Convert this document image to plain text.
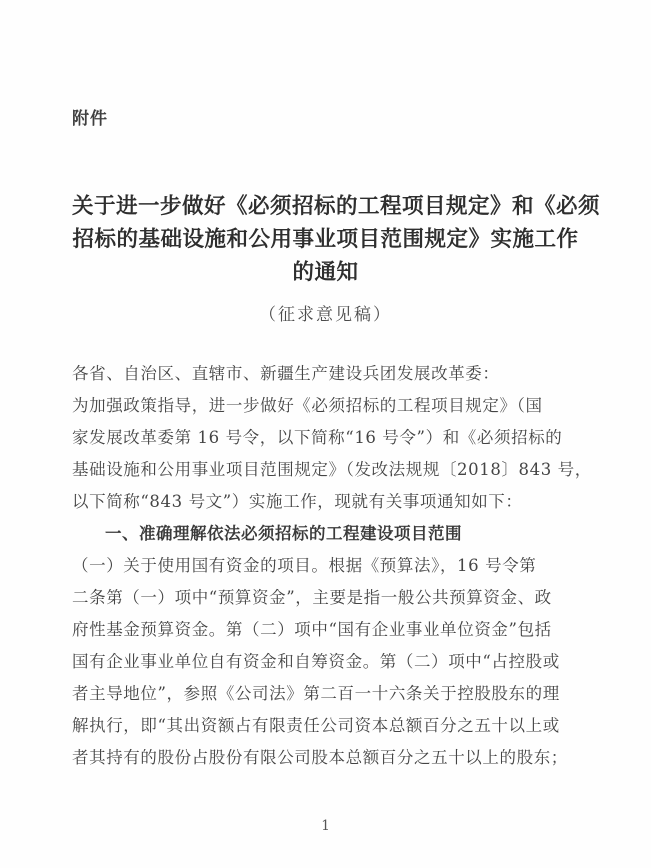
附件
关于进一步做好《必须招标的工程项目规定》和《必须
招标的基础设施和公用事业项目范围规定》实施工作
的通知
（征求意见稿）
各省、自治区、直辖市、新疆生产建设兵团发展改革委：
为加强政策指导，进一步做好《必须招标的工程项目规定》（国
家发展改革委第 16 号令，以下简称“16 号令”）和《必须招标的
基础设施和公用事业项目范围规定》（发改法规规〔2018〕843 号，
以下简称“843 号文”）实施工作，现就有关事项通知如下：
一、准确理解依法必须招标的工程建设项目范围
（一）关于使用国有资金的项目。根据《预算法》，16 号令第
二条第（一）项中“预算资金”，主要是指一般公共预算资金、政
府性基金预算资金。第（二）项中“国有企业事业单位资金”包括
国有企业事业单位自有资金和自筹资金。第（二）项中“占控股或
者主导地位”，参照《公司法》第二百一十六条关于控股股东的理
解执行，即“其出资额占有限责任公司资本总额百分之五十以上或
者其持有的股份占股份有限公司股本总额百分之五十以上的股东；
1
